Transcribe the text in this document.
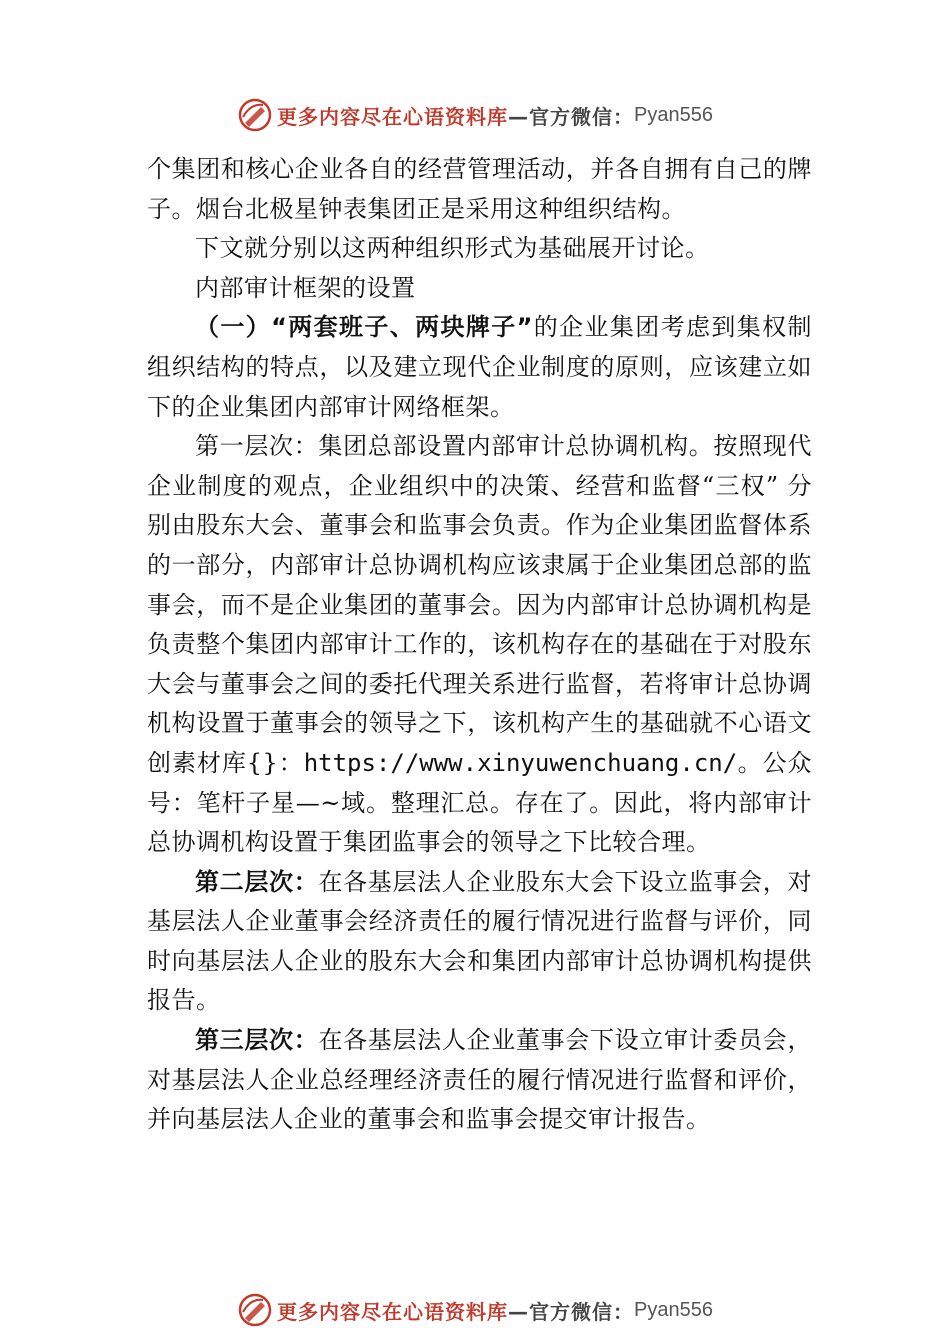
更多内容尽在心语资料库 —官方微信： Pyan556

个集团和核心企业各自的经营管理活动，并各自拥有自己的牌子。烟台北极星钟表集团正是采用这种组织结构。

下文就分别以这两种组织形式为基础展开讨论。

内部审计框架的设置

（一）“两套班子、两块牌子”的企业集团考虑到集权制组织结构的特点，以及建立现代企业制度的原则，应该建立如下的企业集团内部审计网络框架。

第一层次：集团总部设置内部审计总协调机构。按照现代企业制度的观点，企业组织中的决策、经营和监督“三权” 分别由股东大会、董事会和监事会负责。作为企业集团监督体系的一部分，内部审计总协调机构应该隶属于企业集团总部的监事会，而不是企业集团的董事会。因为内部审计总协调机构是负责整个集团内部审计工作的，该机构存在的基础在于对股东大会与董事会之间的委托代理关系进行监督，若将审计总协调机构设置于董事会的领导之下，该机构产生的基础就不心语文创素材库{}：https://www.xinyuwenchuang.cn/。公众号：笔杆子星—~域。整理汇总。存在了。因此，将内部审计总协调机构设置于集团监事会的领导之下比较合理。

第二层次：在各基层法人企业股东大会下设立监事会，对基层法人企业董事会经济责任的履行情况进行监督与评价，同时向基层法人企业的股东大会和集团内部审计总协调机构提供报告。

第三层次：在各基层法人企业董事会下设立审计委员会，对基层法人企业总经理经济责任的履行情况进行监督和评价，并向基层法人企业的董事会和监事会提交审计报告。

更多内容尽在心语资料库 —官方微信： Pyan556
